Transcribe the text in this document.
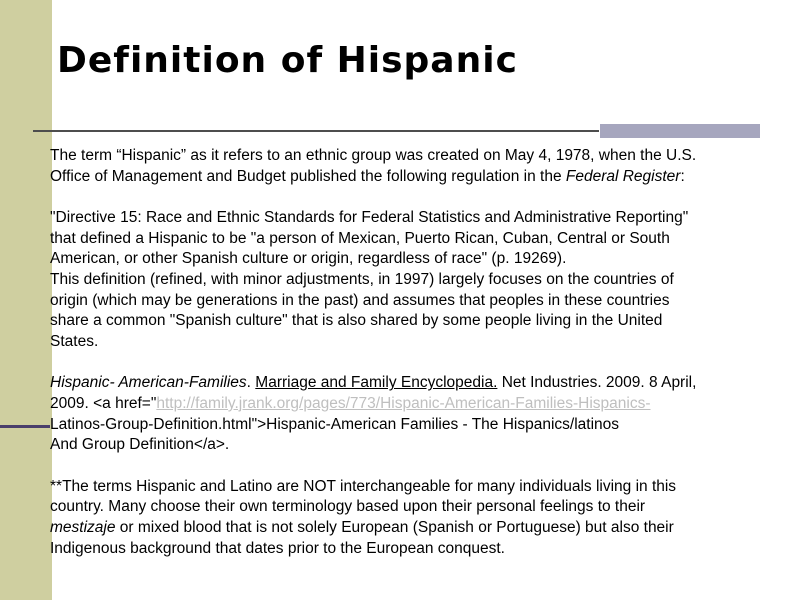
Definition of Hispanic

The term “Hispanic” as it refers to an ethnic group was created on May 4, 1978, when the U.S.

Office of Management and Budget published the following regulation in the Federal Register:

"Directive 15: Race and Ethnic Standards for Federal Statistics and Administrative Reporting"

that defined a Hispanic to be "a person of Mexican, Puerto Rican, Cuban, Central or South

American, or other Spanish culture or origin, regardless of race" (p. 19269).

This definition (refined, with minor adjustments, in 1997) largely focuses on the countries of

origin (which may be generations in the past) and assumes that peoples in these countries

share a common "Spanish culture" that is also shared by some people living in the United

States.

Hispanic- American-Families. Marriage and Family Encyclopedia. Net Industries. 2009. 8 April,

2009. <a href="http://family.jrank.org/pages/773/Hispanic-American-Families-Hispanics-

Latinos-Group-Definition.html">Hispanic-American Families - The Hispanics/latinos

And Group Definition</a>.

**The terms Hispanic and Latino are NOT interchangeable for many individuals living in this

country. Many choose their own terminology based upon their personal feelings to their

mestizaje or mixed blood that is not solely European (Spanish or Portuguese) but also their

Indigenous background that dates prior to the European conquest.
